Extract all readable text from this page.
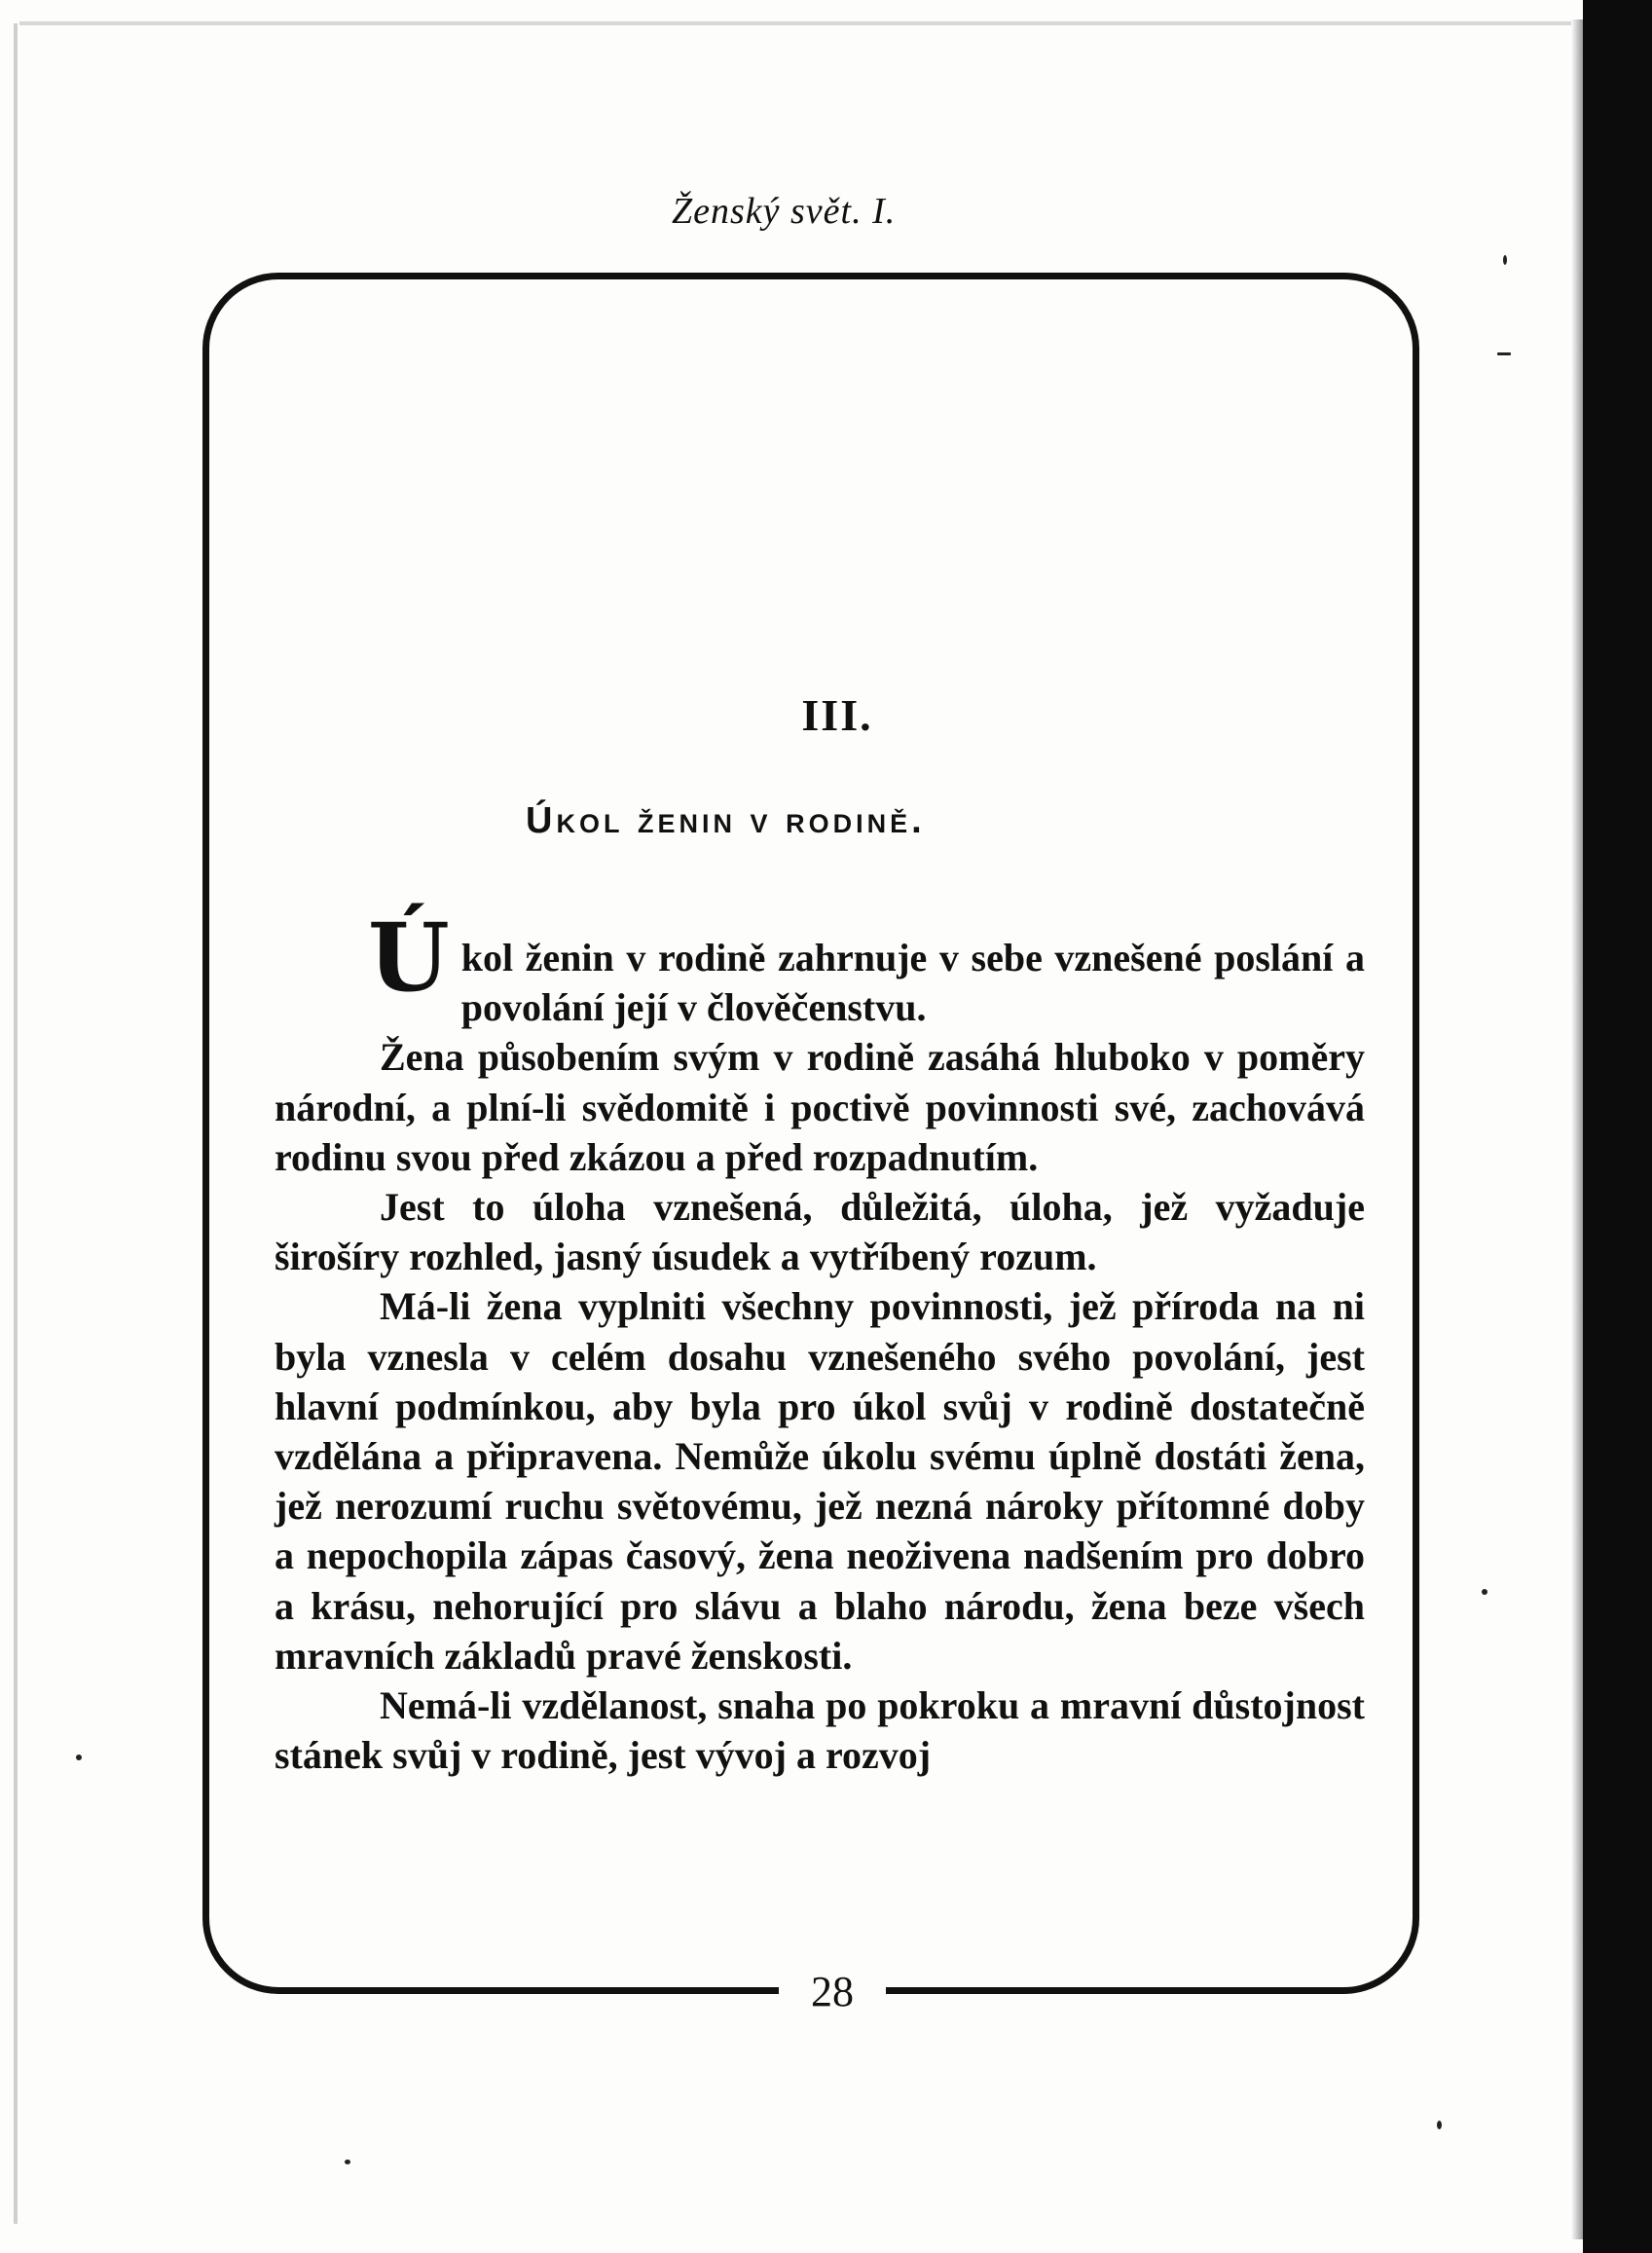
Ženský svět. I.
28
III.
Úkol ženin v rodině.

Úkol ženin v rodině zahrnuje v sebe vznešené poslání a povolání její v člověčenstvu.

Žena působením svým v rodině zasáhá hluboko v poměry národní, a plní-li svědomitě i poctivě povinnosti své, zachovává rodinu svou před zkázou a před rozpadnutím.

Jest to úloha vznešená, důležitá, úloha, jež vyžaduje širošíry rozhled, jasný úsudek a vytříbený rozum.

Má-li žena vyplniti všechny povinnosti, jež příroda na ni byla vznesla v celém dosahu vznešeného svého povolání, jest hlavní podmínkou, aby byla pro úkol svůj v rodině dostatečně vzdělána a připravena. Nemůže úkolu svému úplně dostáti žena, jež nerozumí ruchu světovému, jež nezná nároky přítomné doby a nepochopila zápas časový, žena neoživena nadšením pro dobro a krásu, nehorující pro slávu a blaho národu, žena beze všech mravních základů pravé ženskosti.

Nemá-li vzdělanost, snaha po pokroku a mravní důstojnost stánek svůj v rodině, jest vývoj a rozvoj
